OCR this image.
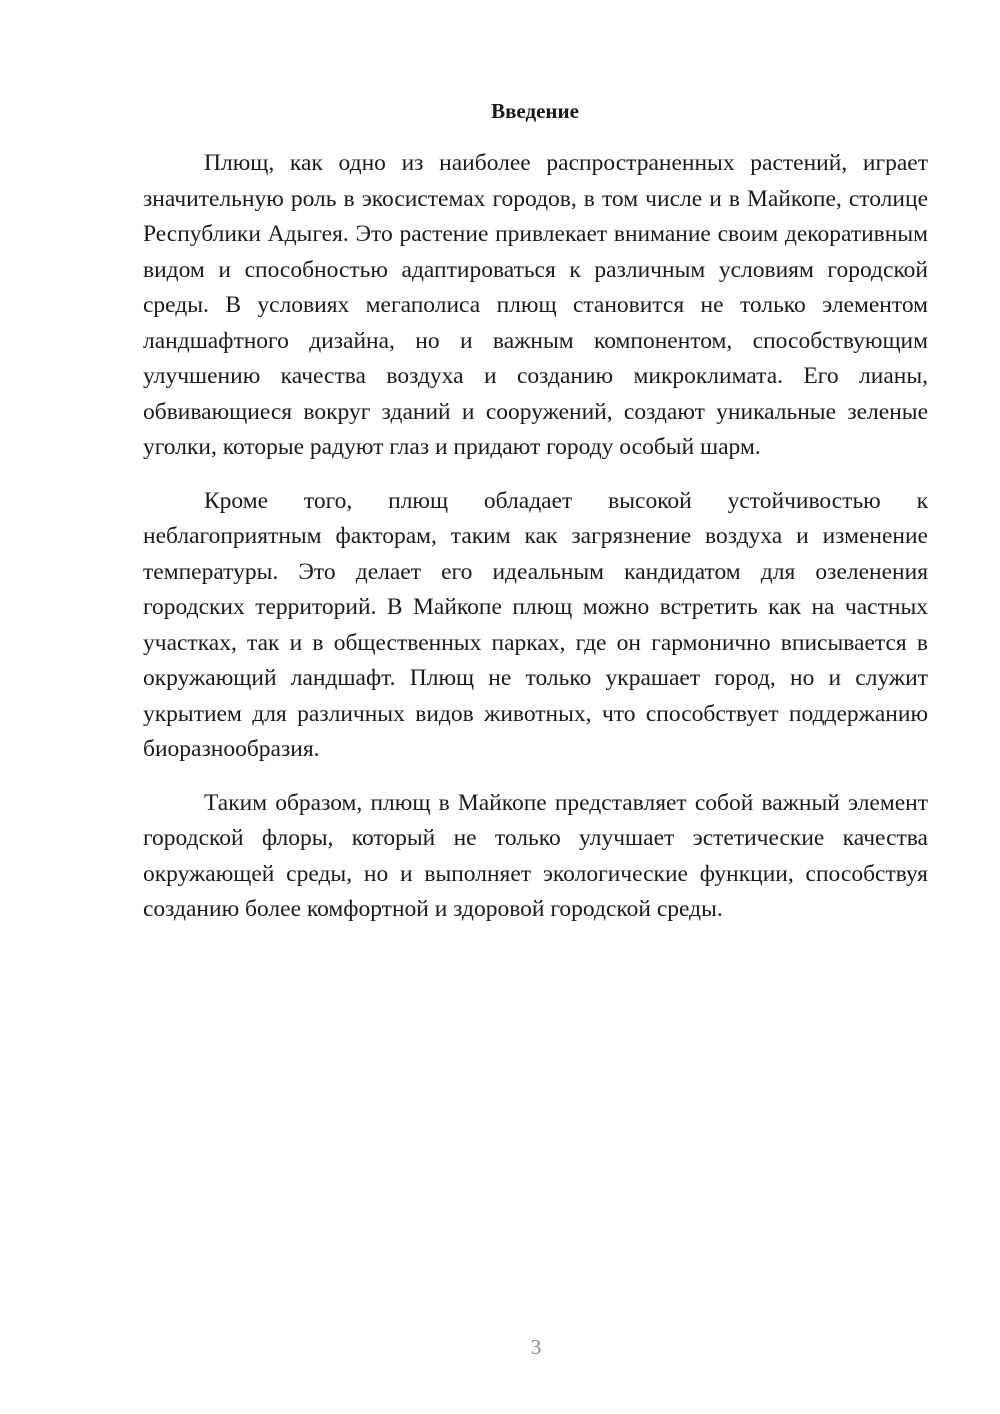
Введение

Плющ, как одно из наиболее распространенных растений, играет значительную роль в экосистемах городов, в том числе и в Майкопе, столице Республики Адыгея. Это растение привлекает внимание своим декоративным видом и способностью адаптироваться к различным условиям городской среды. В условиях мегаполиса плющ становится не только элементом ландшафтного дизайна, но и важным компонентом, способствующим улучшению качества воздуха и созданию микроклимата. Его лианы, обвивающиеся вокруг зданий и сооружений, создают уникальные зеленые уголки, которые радуют глаз и придают городу особый шарм.

Кроме того, плющ обладает высокой устойчивостью к неблагоприятным факторам, таким как загрязнение воздуха и изменение температуры. Это делает его идеальным кандидатом для озеленения городских территорий. В Майкопе плющ можно встретить как на частных участках, так и в общественных парках, где он гармонично вписывается в окружающий ландшафт. Плющ не только украшает город, но и служит укрытием для различных видов животных, что способствует поддержанию биоразнообразия.

Таким образом, плющ в Майкопе представляет собой важный элемент городской флоры, который не только улучшает эстетические качества окружающей среды, но и выполняет экологические функции, способствуя созданию более комфортной и здоровой городской среды.

3
